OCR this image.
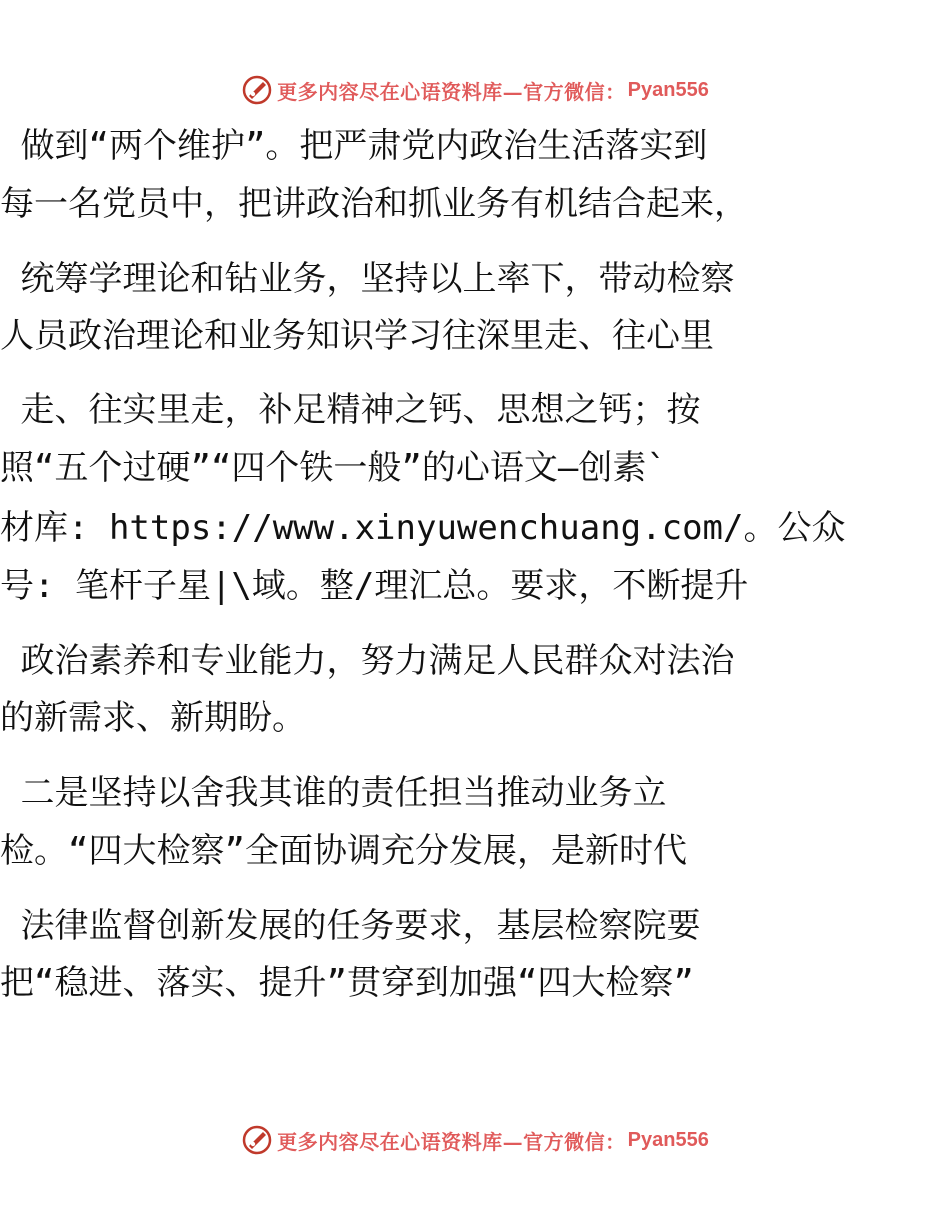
更多内容尽在心语资料库—官方微信： Pyan556
做到“两个维护”。把严肃党内政治生活落实到
每一名党员中，把讲政治和抓业务有机结合起来，
统筹学理论和钻业务，坚持以上率下，带动检察
人员政治理论和业务知识学习往深里走、往心里
走、往实里走，补足精神之钙、思想之钙；按
照“五个过硬”“四个铁一般”的心语文—创素`
材库: https://www.xinyuwenchuang.com/。公众
号: 笔杆子星|\域。整/理汇总。要求，不断提升
政治素养和专业能力，努力满足人民群众对法治
的新需求、新期盼。
二是坚持以舍我其谁的责任担当推动业务立
检。“四大检察”全面协调充分发展，是新时代
法律监督创新发展的任务要求，基层检察院要
把“稳进、落实、提升”贯穿到加强“四大检察”
更多内容尽在心语资料库—官方微信： Pyan556
